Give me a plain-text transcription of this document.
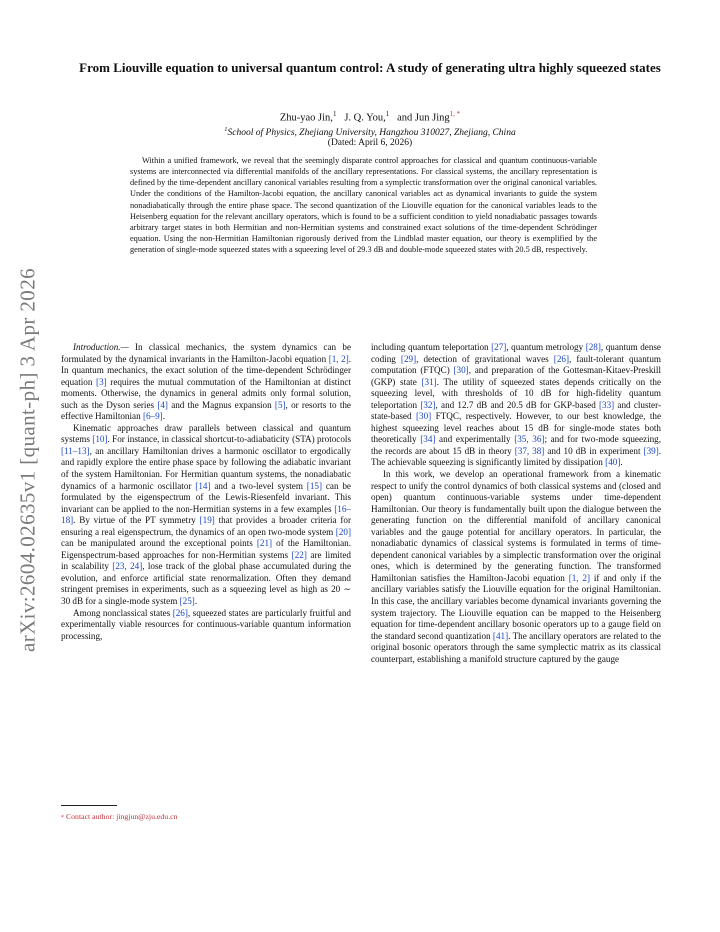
arXiv:2604.02635v1 [quant-ph] 3 Apr 2026
From Liouville equation to universal quantum control: A study of generating ultra highly squeezed states
Zhu-yao Jin,$^1$ J. Q. You,$^1$ and Jun Jing$^{1, *}$
$^1$School of Physics, Zhejiang University, Hangzhou 310027, Zhejiang, China
(Dated: April 6, 2026)

Within a unified framework, we reveal that the seemingly disparate control approaches for classical and quantum continuous-variable systems are interconnected via differential manifolds of the ancillary representations. For classical systems, the ancillary representation is defined by the time-dependent ancillary canonical variables resulting from a symplectic transformation over the original canonical variables. Under the conditions of the Hamilton-Jacobi equation, the ancillary canonical variables act as dynamical invariants to guide the system nonadiabatically through the entire phase space. The second quantization of the Liouville equation for the canonical variables leads to the Heisenberg equation for the relevant ancillary operators, which is found to be a sufficient condition to yield nonadiabatic passages towards arbitrary target states in both Hermitian and non-Hermitian systems and constrained exact solutions of the time-dependent Schrödinger equation. Using the non-Hermitian Hamiltonian rigorously derived from the Lindblad master equation, our theory is exemplified by the generation of single-mode squeezed states with a squeezing level of 29.3 dB and double-mode squeezed states with 20.5 dB, respectively.

Introduction.— In classical mechanics, the system dynamics can be formulated by the dynamical invariants in the Hamilton-Jacobi equation [1, 2]. In quantum mechanics, the exact solution of the time-dependent Schrödinger equation [3] requires the mutual commutation of the Hamiltonian at distinct moments. Otherwise, the dynamics in general admits only formal solution, such as the Dyson series [4] and the Magnus expansion [5], or resorts to the effective Hamiltonian [6–9].

Kinematic approaches draw parallels between classical and quantum systems [10]. For instance, in classical shortcut-to-adiabaticity (STA) protocols [11–13], an ancillary Hamiltonian drives a harmonic oscillator to ergodically and rapidly explore the entire phase space by following the adiabatic invariant of the system Hamiltonian. For Hermitian quantum systems, the nonadiabatic dynamics of a harmonic oscillator [14] and a two-level system [15] can be formulated by the eigenspectrum of the Lewis-Riesenfeld invariant. This invariant can be applied to the non-Hermitian systems in a few examples [16–18]. By virtue of the PT symmetry [19] that provides a broader criteria for ensuring a real eigenspectrum, the dynamics of an open two-mode system [20] can be manipulated around the exceptional points [21] of the Hamiltonian. Eigenspectrum-based approaches for non-Hermitian systems [22] are limited in scalability [23, 24], lose track of the global phase accumulated during the evolution, and enforce artificial state renormalization. Often they demand stringent premises in experiments, such as a squeezing level as high as 20 ∼ 30 dB for a single-mode system [25].

Among nonclassical states [26], squeezed states are particularly fruitful and experimentally viable resources for continuous-variable quantum information processing,

including quantum teleportation [27], quantum metrology [28], quantum dense coding [29], detection of gravitational waves [26], fault-tolerant quantum computation (FTQC) [30], and preparation of the Gottesman-Kitaev-Preskill (GKP) state [31]. The utility of squeezed states depends critically on the squeezing level, with thresholds of 10 dB for high-fidelity quantum teleportation [32], and 12.7 dB and 20.5 dB for GKP-based [33] and cluster-state-based [30] FTQC, respectively. However, to our best knowledge, the highest squeezing level reaches about 15 dB for single-mode states both theoretically [34] and experimentally [35, 36]; and for two-mode squeezing, the records are about 15 dB in theory [37, 38] and 10 dB in experiment [39]. The achievable squeezing is significantly limited by dissipation [40].

In this work, we develop an operational framework from a kinematic respect to unify the control dynamics of both classical systems and (closed and open) quantum continuous-variable systems under time-dependent Hamiltonian. Our theory is fundamentally built upon the dialogue between the generating function on the differential manifold of ancillary canonical variables and the gauge potential for ancillary operators. In particular, the nonadiabatic dynamics of classical systems is formulated in terms of time-dependent canonical variables by a simplectic transformation over the original ones, which is determined by the generating function. The transformed Hamiltonian satisfies the Hamilton-Jacobi equation [1, 2] if and only if the ancillary variables satisfy the Liouville equation for the original Hamiltonian. In this case, the ancillary variables become dynamical invariants governing the system trajectory. The Liouville equation can be mapped to the Heisenberg equation for time-dependent ancillary bosonic operators up to a gauge field on the standard second quantization [41]. The ancillary operators are related to the original bosonic operators through the same symplectic matrix as its classical counterpart, establishing a manifold structure captured by the gauge

* Contact author: jingjun@zju.edu.cn
